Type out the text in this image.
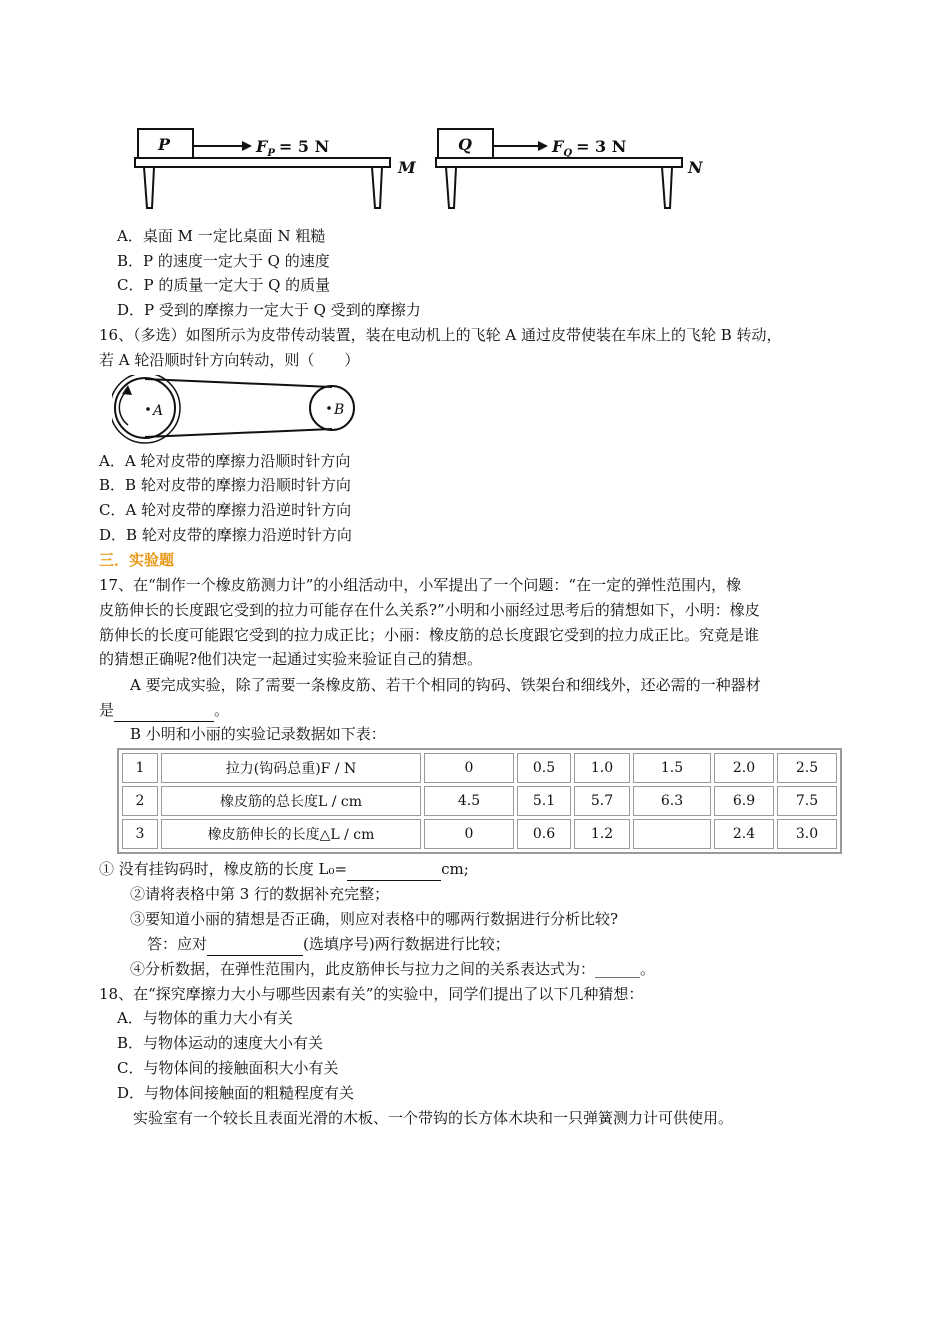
P	$F_P = 5$ N
M
Q	$F_Q = 3$ N
N
A．桌面 M 一定比桌面 N 粗糙
B．P 的速度一定大于 Q 的速度
C．P 的质量一定大于 Q 的质量
D．P 受到的摩擦力一定大于 Q 受到的摩擦力
16、（多选）如图所示为皮带传动装置，装在电动机上的飞轮 A 通过皮带使装在车床上的飞轮 B 转动，
若 A 轮沿顺时针方向转动，则（　　）
A	B
A．A 轮对皮带的摩擦力沿顺时针方向
B．B 轮对皮带的摩擦力沿顺时针方向
C．A 轮对皮带的摩擦力沿逆时针方向
D．B 轮对皮带的摩擦力沿逆时针方向
三．实验题
17、在“制作一个橡皮筋测力计”的小组活动中，小军提出了一个问题：“在一定的弹性范围内，橡
皮筋伸长的长度跟它受到的拉力可能存在什么关系?”小明和小丽经过思考后的猜想如下，小明：橡皮
筋伸长的长度可能跟它受到的拉力成正比；小丽：橡皮筋的总长度跟它受到的拉力成正比。究竟是谁
的猜想正确呢?他们决定一起通过实验来验证自己的猜想。
A 要完成实验，除了需要一条橡皮筋、若干个相同的钩码、铁架台和细线外，还必需的一种器材
是	。
B 小明和小丽的实验记录数据如下表：
1	拉力(钩码总重)F / N	0	0.5	1.0	1.5	2.0	2.5
2	橡皮筋的总长度L / cm	4.5	5.1	5.7	6.3	6.9	7.5
3	橡皮筋伸长的长度△L / cm	0	0.6	1.2		2.4	3.0
① 没有挂钩码时，橡皮筋的长度 L₀=	cm;
②请将表格中第 3 行的数据补充完整；
③要知道小丽的猜想是否正确，则应对表格中的哪两行数据进行分析比较?
答：应对	(选填序号)两行数据进行比较；
④分析数据，在弹性范围内，此皮筋伸长与拉力之间的关系表达式为：______。
18、在“探究摩擦力大小与哪些因素有关”的实验中，同学们提出了以下几种猜想：
A．与物体的重力大小有关
B．与物体运动的速度大小有关
C．与物体间的接触面积大小有关
D．与物体间接触面的粗糙程度有关
实验室有一个较长且表面光滑的木板、一个带钩的长方体木块和一只弹簧测力计可供使用。
